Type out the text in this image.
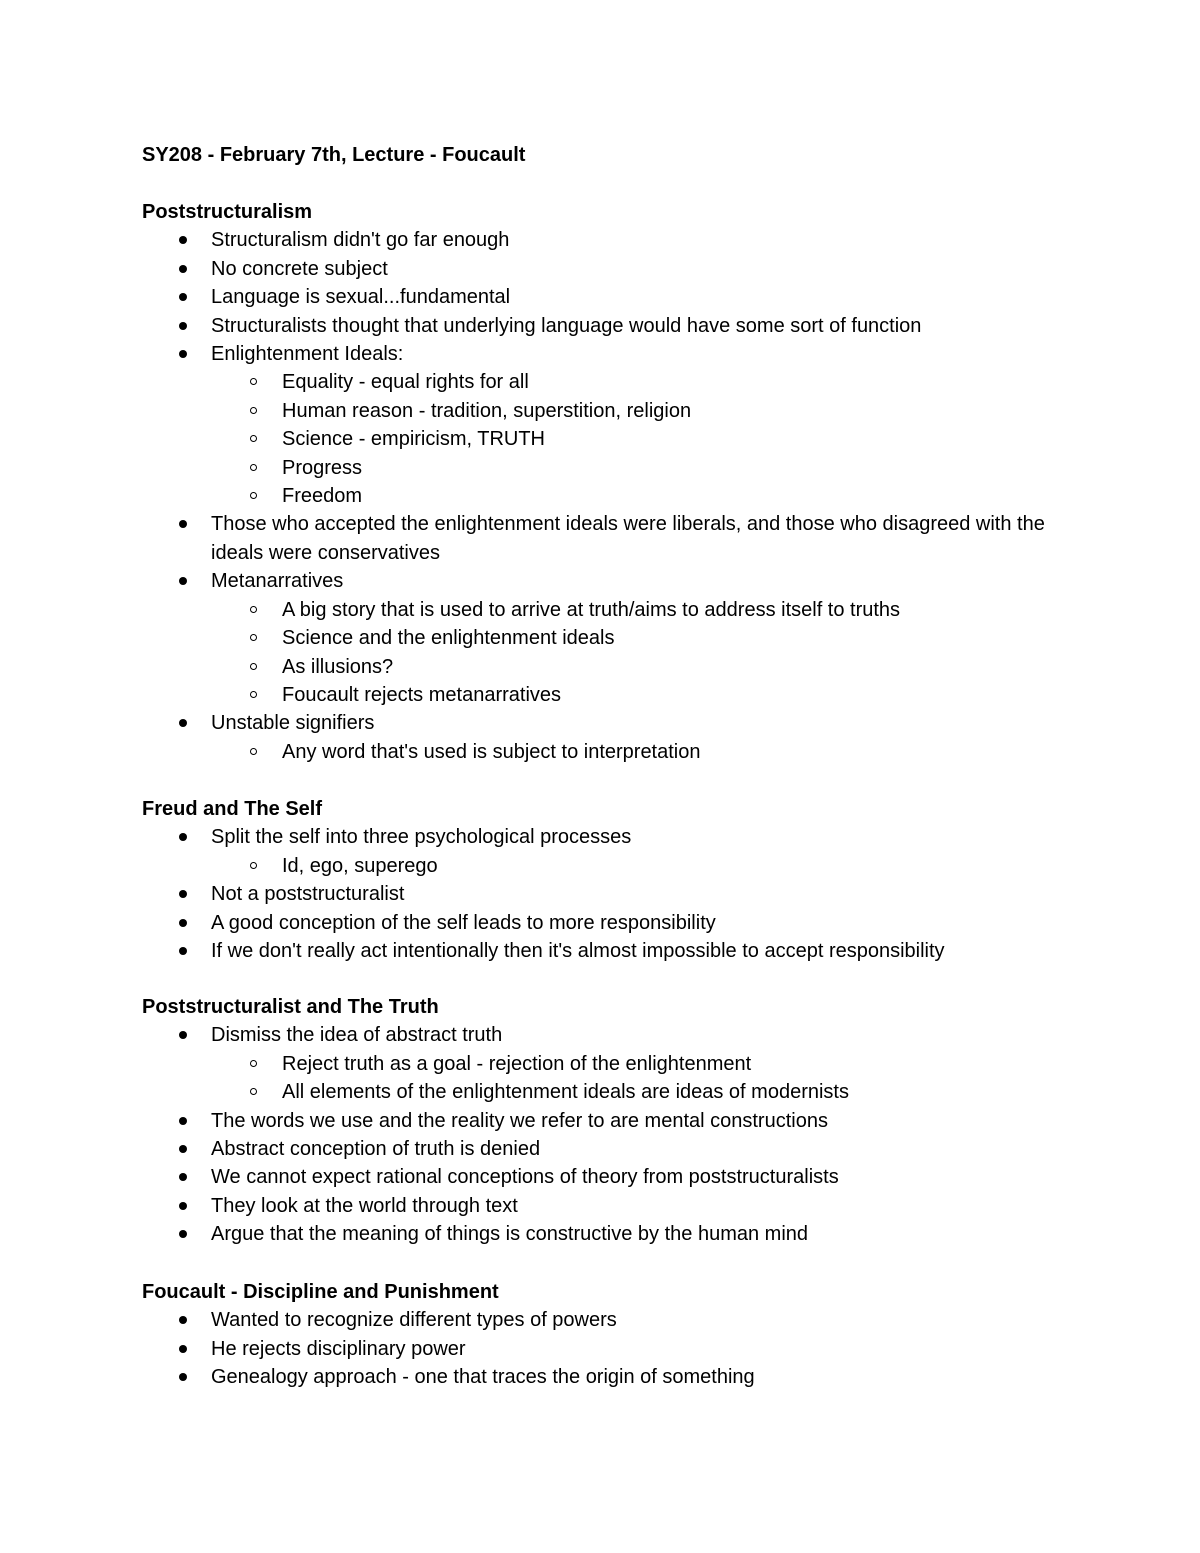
SY208 - February 7th, Lecture - Foucault
Poststructuralism
Structuralism didn't go far enough
No concrete subject
Language is sexual...fundamental
Structuralists thought that underlying language would have some sort of function
Enlightenment Ideals:
Equality - equal rights for all
Human reason - tradition, superstition, religion
Science - empiricism, TRUTH
Progress
Freedom
Those who accepted the enlightenment ideals were liberals, and those who disagreed with the ideals were conservatives
Metanarratives
A big story that is used to arrive at truth/aims to address itself to truths
Science and the enlightenment ideals
As illusions?
Foucault rejects metanarratives
Unstable signifiers
Any word that's used is subject to interpretation
Freud and The Self
Split the self into three psychological processes
Id, ego, superego
Not a poststructuralist
A good conception of the self leads to more responsibility
If we don't really act intentionally then it's almost impossible to accept responsibility
Poststructuralist and The Truth
Dismiss the idea of abstract truth
Reject truth as a goal - rejection of the enlightenment
All elements of the enlightenment ideals are ideas of modernists
The words we use and the reality we refer to are mental constructions
Abstract conception of truth is denied
We cannot expect rational conceptions of theory from poststructuralists
They look at the world through text
Argue that the meaning of things is constructive by the human mind
Foucault - Discipline and Punishment
Wanted to recognize different types of powers
He rejects disciplinary power
Genealogy approach - one that traces the origin of something
